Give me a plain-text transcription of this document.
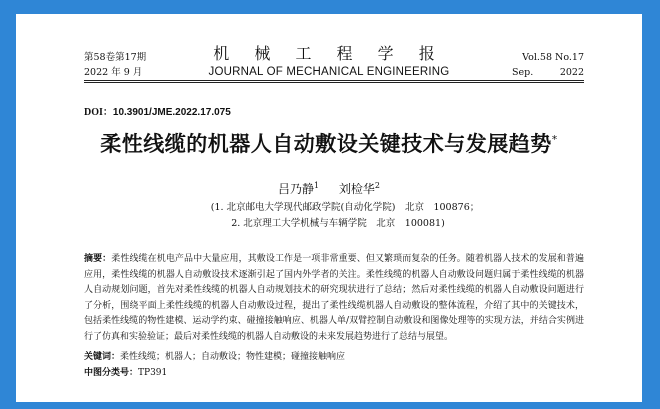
第58卷第17期
2022 年 9 月
机 械 工 程 学 报
JOURNAL OF MECHANICAL ENGINEERING
Vol.58 No.17
Sep.	2022
DOI：10.3901/JME.2022.17.075
柔性线缆的机器人自动敷设关键技术与发展趋势*
吕乃静$^1$ 刘检华$^2$
(1. 北京邮电大学现代邮政学院(自动化学院)　北京　100876；
2. 北京理工大学机械与车辆学院　北京　100081)
摘要：柔性线缆在机电产品中大量应用，其敷设工作是一项非常重要、但又繁琐而复杂的任务。随着机器人技术的发展和普遍应用，柔性线缆的机器人自动敷设技术逐渐引起了国内外学者的关注。柔性线缆的机器人自动敷设问题归属于柔性线缆的机器人自动规划问题，首先对柔性线缆的机器人自动规划技术的研究现状进行了总结；然后对柔性线缆的机器人自动敷设问题进行了分析，围绕平面上柔性线缆的机器人自动敷设过程，提出了柔性线缆机器人自动敷设的整体流程，介绍了其中的关键技术，包括柔性线缆的物性建模、运动学约束、碰撞接触响应、机器人单/双臂控制自动敷设和图像处理等的实现方法，并结合实例进行了仿真和实验验证；最后对柔性线缆的机器人自动敷设的未来发展趋势进行了总结与展望。
关键词：柔性线缆；机器人；自动敷设；物性建模；碰撞接触响应
中图分类号：TP391
